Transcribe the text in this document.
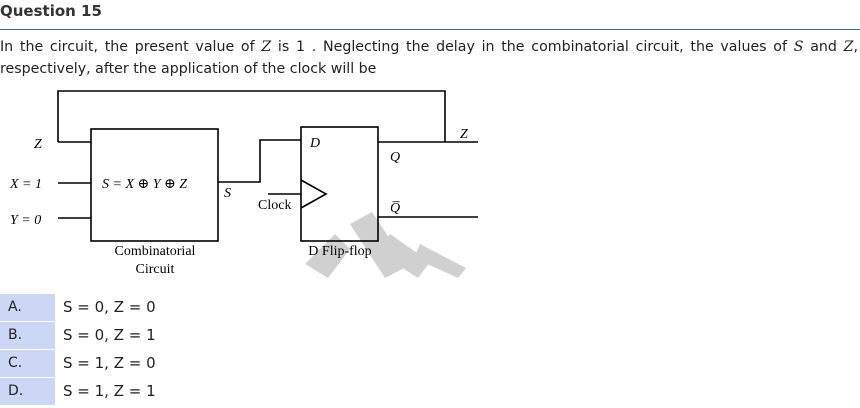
Question 15
In the circuit, the present value of Z is 1 . Neglecting the delay in the combinatorial circuit, the values of S and Z, respectively, after the application of the clock will be
Z
X = 1
Y = 0
S = X ⊕ Y ⊕ Z
S
D
Q
Q̅
Clock
Z
Combinatorial
Circuit
D Flip-flop
A.	S = 0, Z = 0
B.	S = 0, Z = 1
C.	S = 1, Z = 0
D.	S = 1, Z = 1
